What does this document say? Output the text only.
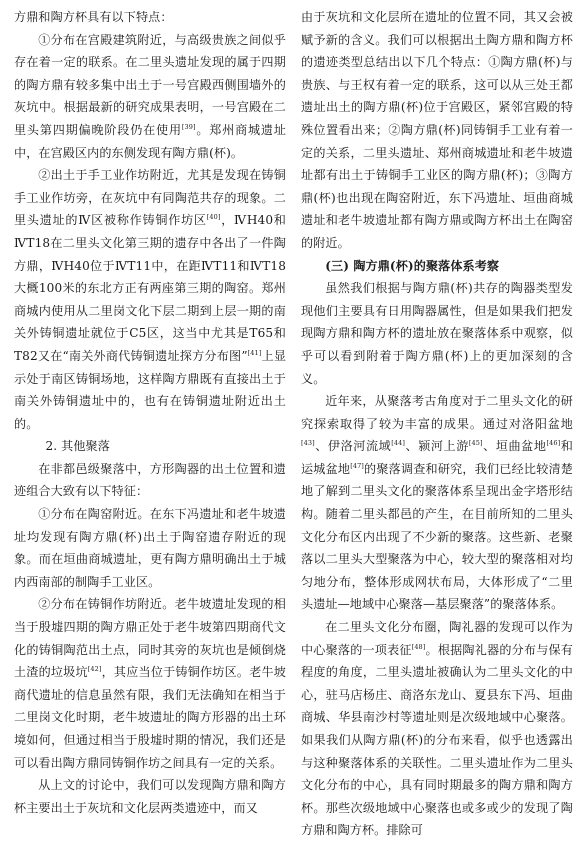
方鼎和陶方杯具有以下特点：

①分布在宫殿建筑附近，与高级贵族之间似乎存在着一定的联系。在二里头遗址发现的属于四期的陶方鼎有较多集中出土于一号宫殿西侧围墙外的灰坑中。根据最新的研究成果表明，一号宫殿在二里头第四期偏晚阶段仍在使用[39]。郑州商城遗址中，在宫殿区内的东侧发现有陶方鼎(杯)。

②出土于手工业作坊附近，尤其是发现在铸铜手工业作坊旁，在灰坑中有同陶范共存的现象。二里头遗址的Ⅳ区被称作铸铜作坊区[40]，ⅣH40和ⅣT18在二里头文化第三期的遗存中各出了一件陶方鼎，ⅣH40位于ⅣT11中，在距ⅣT11和ⅣT18大概100米的东北方正有两座第三期的陶窑。郑州商城内使用从二里岗文化下层二期到上层一期的南关外铸铜遗址就位于C5区，这当中尤其是T65和T82又在“南关外商代铸铜遗址探方分布图”[41]上显示处于南区铸铜场地，这样陶方鼎既有直接出土于南关外铸铜遗址中的，也有在铸铜遗址附近出土的。

2. 其他聚落

在非都邑级聚落中，方形陶器的出土位置和遗迹组合大致有以下特征：

①分布在陶窑附近。在东下冯遗址和老牛坡遗址均发现有陶方鼎(杯)出土于陶窑遗存附近的现象。而在垣曲商城遗址，更有陶方鼎明确出土于城内西南部的制陶手工业区。

②分布在铸铜作坊附近。老牛坡遗址发现的相当于殷墟四期的陶方鼎正处于老牛坡第四期商代文化的铸铜陶范出土点，同时其旁的灰坑也是倾倒烧土渣的垃圾坑[42]，其应当位于铸铜作坊区。老牛坡商代遗址的信息虽然有限，我们无法确知在相当于二里岗文化时期，老牛坡遗址的陶方形器的出土环境如何，但通过相当于殷墟时期的情况，我们还是可以看出陶方鼎同铸铜作坊之间具有一定的关系。

从上文的讨论中，我们可以发现陶方鼎和陶方杯主要出土于灰坑和文化层两类遗迹中，而又

由于灰坑和文化层所在遗址的位置不同，其又会被赋予新的含义。我们可以根据出土陶方鼎和陶方杯的遗迹类型总结出以下几个特点：①陶方鼎(杯)与贵族、与王权有着一定的联系，这可以从三处王都遗址出土的陶方鼎(杯)位于宫殿区，紧邻宫殿的特殊位置看出来；②陶方鼎(杯)同铸铜手工业有着一定的关系，二里头遗址、郑州商城遗址和老牛坡遗址都有出土于铸铜手工业区的陶方鼎(杯)；③陶方鼎(杯)也出现在陶窑附近，东下冯遗址、垣曲商城遗址和老牛坡遗址都有陶方鼎或陶方杯出土在陶窑的附近。

(三) 陶方鼎(杯)的聚落体系考察

虽然我们根据与陶方鼎(杯)共存的陶器类型发现他们主要具有日用陶器属性，但是如果我们把发现陶方鼎和陶方杯的遗址放在聚落体系中观察，似乎可以看到附着于陶方鼎(杯)上的更加深刻的含义。

近年来，从聚落考古角度对于二里头文化的研究探索取得了较为丰富的成果。通过对洛阳盆地[43]、伊洛河流域[44]、颍河上游[45]、垣曲盆地[46]和运城盆地[47]的聚落调查和研究，我们已经比较清楚地了解到二里头文化的聚落体系呈现出金字塔形结构。随着二里头都邑的产生，在目前所知的二里头文化分布区内出现了不少新的聚落。这些新、老聚落以二里头大型聚落为中心，较大型的聚落相对均匀地分布，整体形成网状布局，大体形成了“二里头遗址—地域中心聚落—基层聚落”的聚落体系。

在二里头文化分布圈，陶礼器的发现可以作为中心聚落的一项表征[48]。根据陶礼器的分布与保有程度的角度，二里头遗址被确认为二里头文化的中心，驻马店杨庄、商洛东龙山、夏县东下冯、垣曲商城、华县南沙村等遗址则是次级地域中心聚落。如果我们从陶方鼎(杯)的分布来看，似乎也透露出与这种聚落体系的关联性。二里头遗址作为二里头文化分布的中心，具有同时期最多的陶方鼎和陶方杯。那些次级地域中心聚落也或多或少的发现了陶方鼎和陶方杯。排除可
